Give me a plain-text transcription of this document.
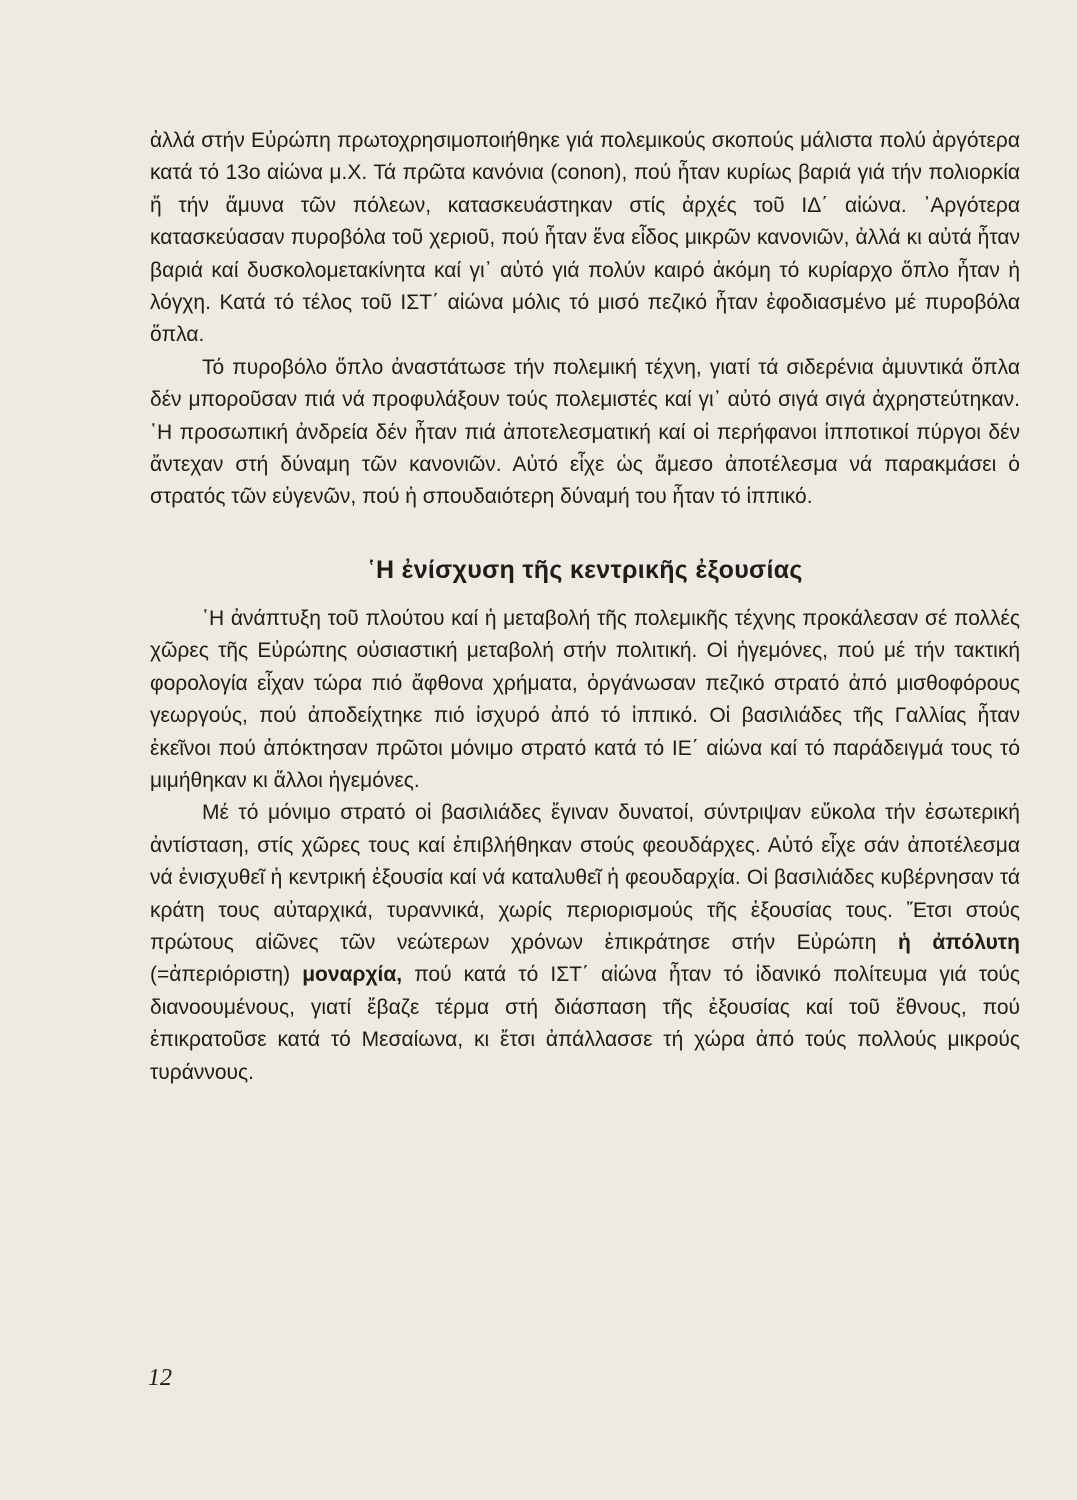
ἀλλά στήν Εὐρώπη πρωτοχρησιμοποιήθηκε γιά πολεμικούς σκοπούς μάλιστα πολύ ἀργότερα κατά τό 13ο αἰώνα μ.Χ. Τά πρῶτα κανόνια (conon), πού ἦταν κυρίως βαριά γιά τήν πολιορκία ἤ τήν ἄμυνα τῶν πόλεων, κατασκευάστηκαν στίς ἀρχές τοῦ ΙΔ΄ αἰώνα. ᾿Αργότερα κατασκεύασαν πυροβόλα τοῦ χεριοῦ, πού ἦταν ἕνα εἶδος μικρῶν κανονιῶν, ἀλλά κι αὐτά ἦταν βαριά καί δυσκολομετακίνητα καί γι᾿ αὐτό γιά πολύν καιρό ἀκόμη τό κυρίαρχο ὅπλο ἦταν ἡ λόγχη. Κατά τό τέλος τοῦ ΙΣΤ΄ αἰώνα μόλις τό μισό πεζικό ἦταν ἐφοδιασμένο μέ πυροβόλα ὅπλα.

Τό πυροβόλο ὅπλο ἀναστάτωσε τήν πολεμική τέχνη, γιατί τά σιδερένια ἀμυντικά ὅπλα δέν μποροῦσαν πιά νά προφυλάξουν τούς πολεμιστές καί γι᾿ αὐτό σιγά σιγά ἀχρηστεύτηκαν. ῾Η προσωπική ἀνδρεία δέν ἦταν πιά ἀποτελεσματική καί οἱ περήφανοι ἱπποτικοί πύργοι δέν ἄντεχαν στή δύναμη τῶν κανονιῶν. Αὐτό εἶχε ὡς ἄμεσο ἀποτέλεσμα νά παρακμάσει ὁ στρατός τῶν εὐγενῶν, πού ἡ σπουδαιότερη δύναμή του ἦταν τό ἱππικό.

῾Η ἐνίσχυση τῆς κεντρικῆς ἐξουσίας

῾Η ἀνάπτυξη τοῦ πλούτου καί ἡ μεταβολή τῆς πολεμικῆς τέχνης προκάλεσαν σέ πολλές χῶρες τῆς Εὐρώπης οὐσιαστική μεταβολή στήν πολιτική. Οἱ ἡγεμόνες, πού μέ τήν τακτική φορολογία εἶχαν τώρα πιό ἄφθονα χρήματα, ὀργάνωσαν πεζικό στρατό ἀπό μισθοφόρους γεωργούς, πού ἀποδείχτηκε πιό ἰσχυρό ἀπό τό ἱππικό. Οἱ βασιλιάδες τῆς Γαλλίας ἦταν ἐκεῖνοι πού ἀπόκτησαν πρῶτοι μόνιμο στρατό κατά τό ΙΕ΄ αἰώνα καί τό παράδειγμά τους τό μιμήθηκαν κι ἄλλοι ἡγεμόνες.

Μέ τό μόνιμο στρατό οἱ βασιλιάδες ἔγιναν δυνατοί, σύντριψαν εὔκολα τήν ἐσωτερική ἀντίσταση, στίς χῶρες τους καί ἐπιβλήθηκαν στούς φεουδάρχες. Αὐτό εἶχε σάν ἀποτέλεσμα νά ἐνισχυθεῖ ἡ κεντρική ἐξουσία καί νά καταλυθεῖ ἡ φεουδαρχία. Οἱ βασιλιάδες κυβέρνησαν τά κράτη τους αὐταρχικά, τυραννικά, χωρίς περιορισμούς τῆς ἐξουσίας τους. Ἔτσι στούς πρώτους αἰῶνες τῶν νεώτερων χρόνων ἐπικράτησε στήν Εὐρώπη ἡ ἀπόλυτη (=ἀπεριόριστη) μοναρχία, πού κατά τό ΙΣΤ΄ αἰώνα ἦταν τό ἰδανικό πολίτευμα γιά τούς διανοουμένους, γιατί ἔβαζε τέρμα στή διάσπαση τῆς ἐξουσίας καί τοῦ ἔθνους, πού ἐπικρατοῦσε κατά τό Μεσαίωνα, κι ἔτσι ἀπάλλασσε τή χώρα ἀπό τούς πολλούς μικρούς τυράννους.

12
